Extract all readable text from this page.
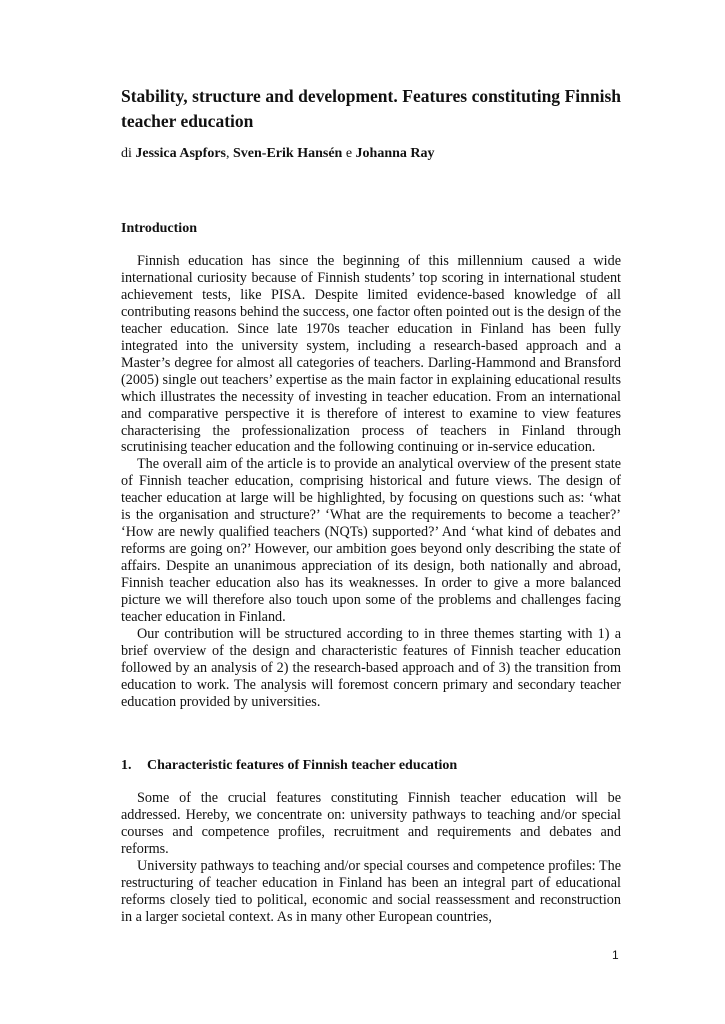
Stability, structure and development. Features constituting Finnish teacher education

di Jessica Aspfors, Sven-Erik Hansén e Johanna Ray

Introduction

Finnish education has since the beginning of this millennium caused a wide international curiosity because of Finnish students’ top scoring in international student achievement tests, like PISA. Despite limited evidence-based knowledge of all contributing reasons behind the success, one factor often pointed out is the design of the teacher education. Since late 1970s teacher education in Finland has been fully integrated into the university system, including a research-based approach and a Master’s degree for almost all categories of teachers. Darling-Hammond and Bransford (2005) single out teachers’ expertise as the main factor in explaining educational results which illustrates the necessity of investing in teacher education. From an international and comparative perspective it is therefore of interest to examine to view features characterising the professionalization process of teachers in Finland through scrutinising teacher education and the following continuing or in-service education.

The overall aim of the article is to provide an analytical overview of the present state of Finnish teacher education, comprising historical and future views. The design of teacher education at large will be highlighted, by focusing on questions such as: ‘what is the organisation and structure?’ ‘What are the requirements to become a teacher?’ ‘How are newly qualified teachers (NQTs) supported?’ And ‘what kind of debates and reforms are going on?’ However, our ambition goes beyond only describing the state of affairs. Despite an unanimous appreciation of its design, both nationally and abroad, Finnish teacher education also has its weaknesses. In order to give a more balanced picture we will therefore also touch upon some of the problems and challenges facing teacher education in Finland.

Our contribution will be structured according to in three themes starting with 1) a brief overview of the design and characteristic features of Finnish teacher education followed by an analysis of 2) the research-based approach and of 3) the transition from education to work. The analysis will foremost concern primary and secondary teacher education provided by universities.

1. Characteristic features of Finnish teacher education

Some of the crucial features constituting Finnish teacher education will be addressed. Hereby, we concentrate on: university pathways to teaching and/or special courses and competence profiles, recruitment and requirements and debates and reforms.

University pathways to teaching and/or special courses and competence profiles: The restructuring of teacher education in Finland has been an integral part of educational reforms closely tied to political, economic and social reassessment and reconstruction in a larger societal context. As in many other European countries,

1
